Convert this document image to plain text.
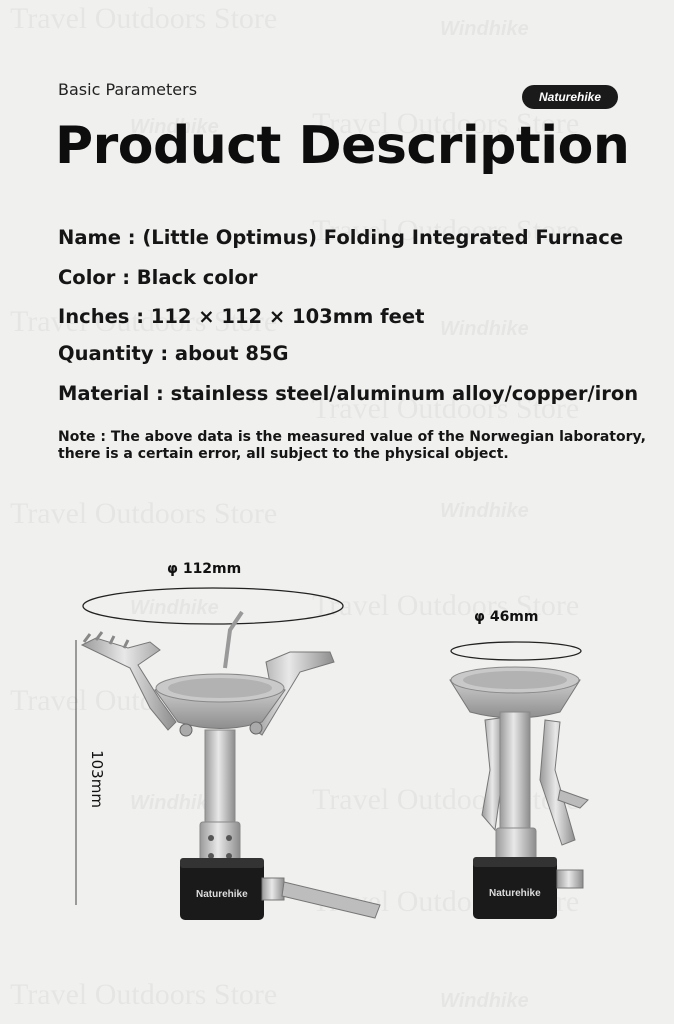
Basic Parameters	Naturehike
Product Description
Name : (Little Optimus) Folding Integrated Furnace
Color : Black color
Inches : 112 × 112 × 103mm feet
Quantity : about 85G
Material : stainless steel/aluminum alloy/copper/iron
Note : The above data is the measured value of the Norwegian laboratory, there is a certain error, all subject to the physical object.
φ 112mm
φ 46mm
103mm
Naturehike	Naturehike
